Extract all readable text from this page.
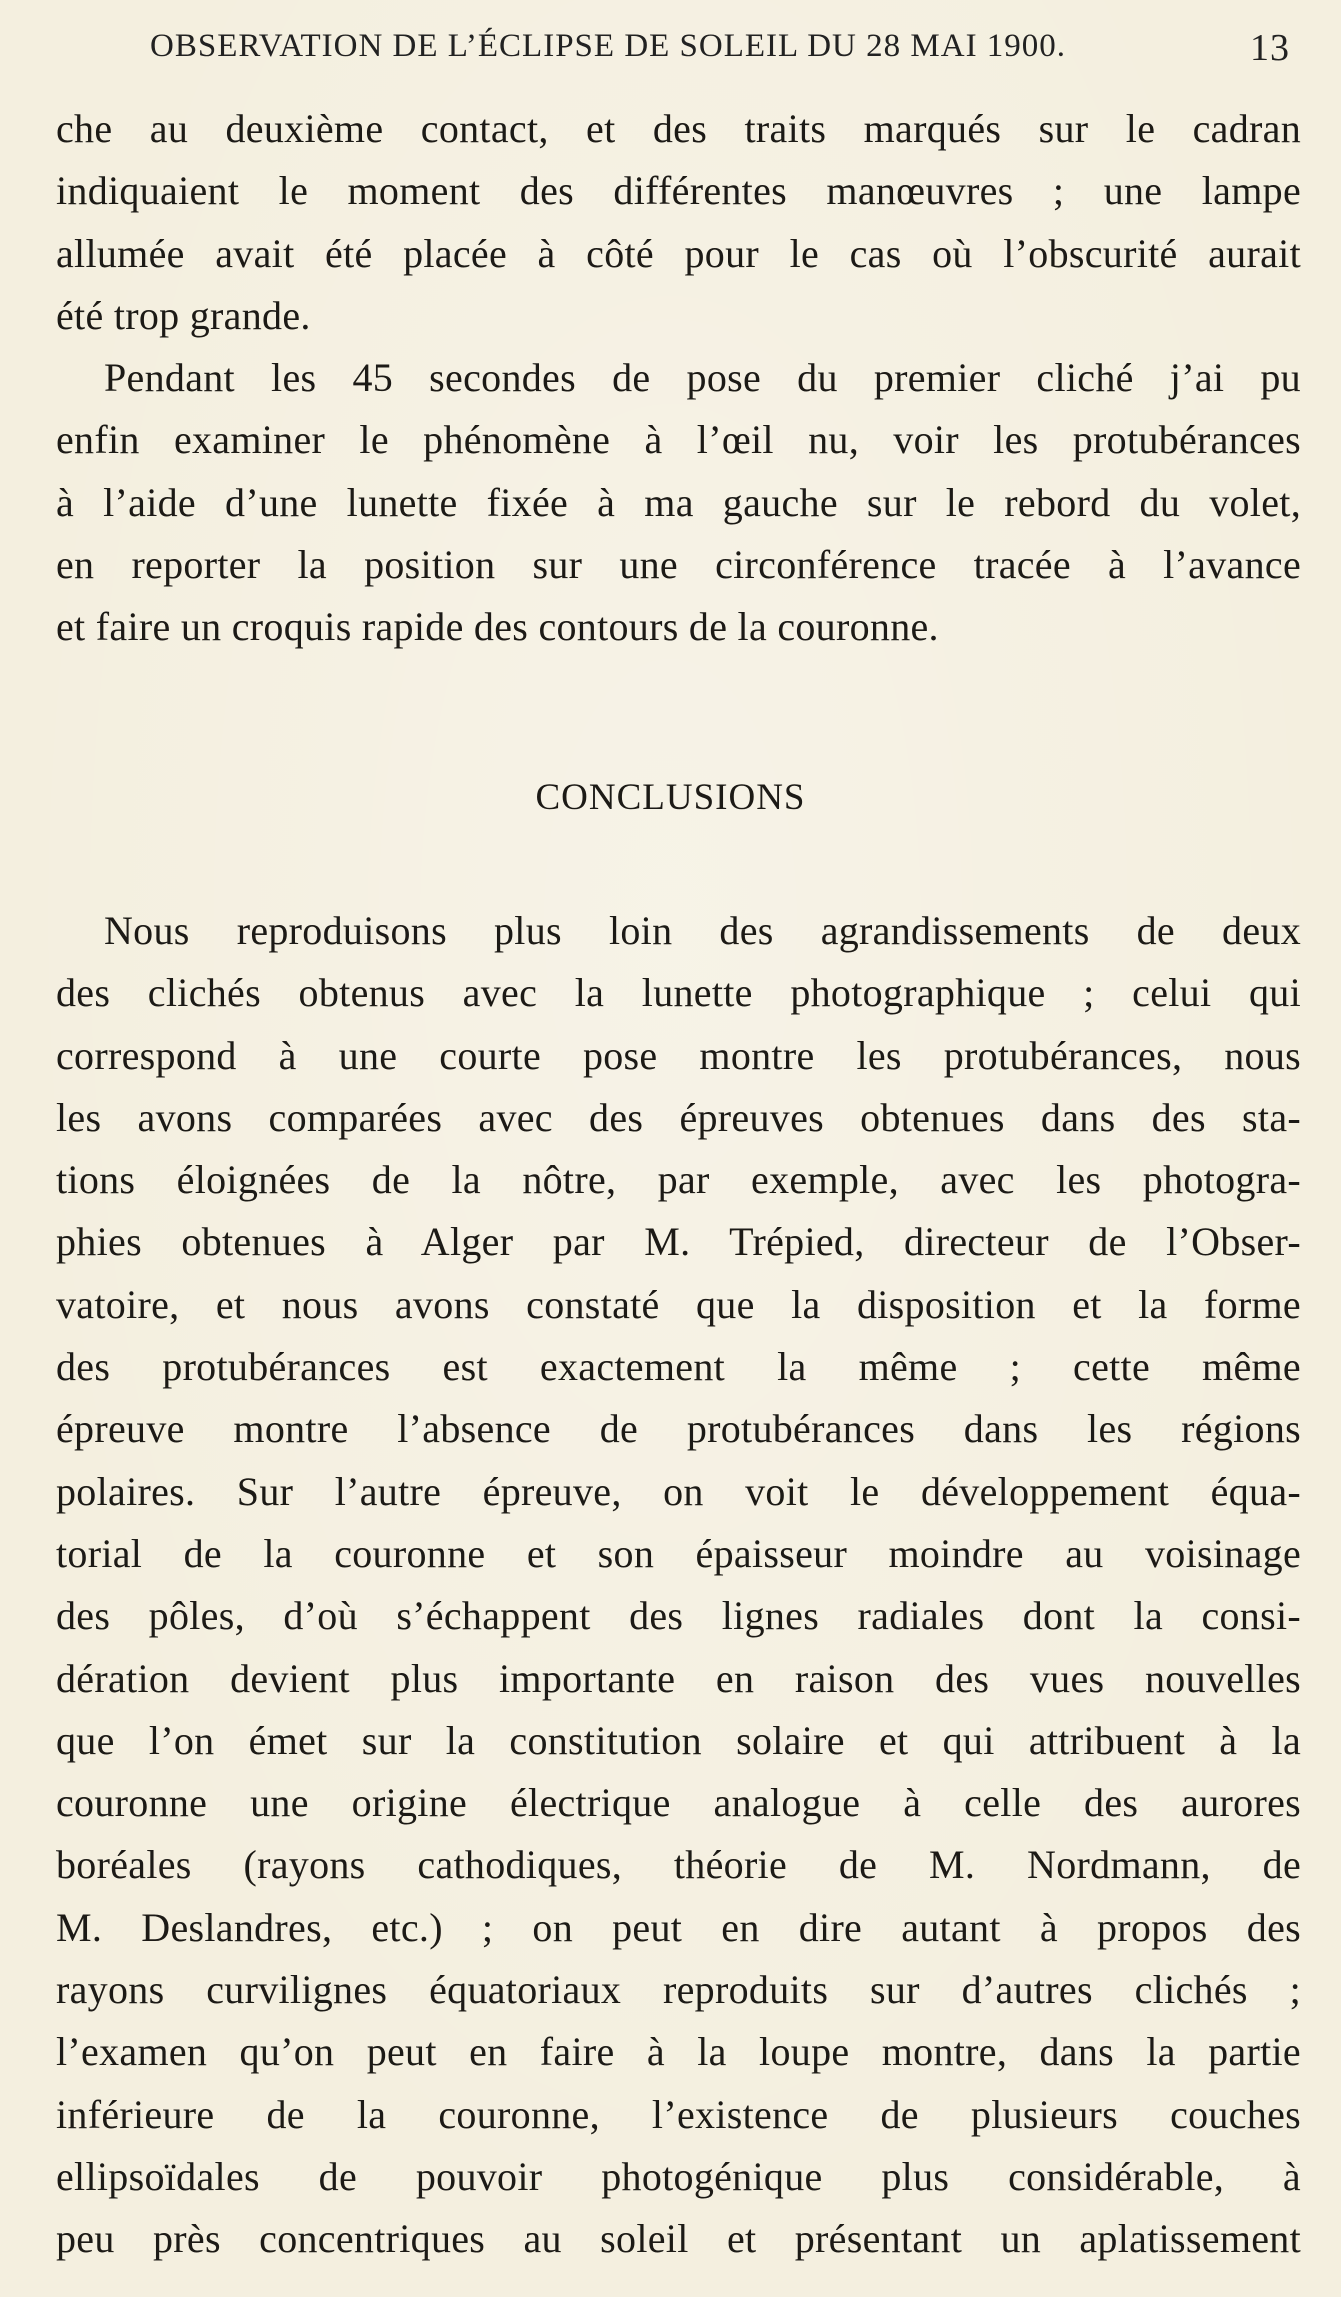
OBSERVATION DE L’ÉCLIPSE DE SOLEIL DU 28 MAI 1900.	13
che au deuxième contact, et des traits marqués sur le cadran
indiquaient le moment des différentes manœuvres ; une lampe
allumée avait été placée à côté pour le cas où l’obscurité aurait
été trop grande.
Pendant les 45 secondes de pose du premier cliché j’ai pu
enfin examiner le phénomène à l’œil nu, voir les protubérances
à l’aide d’une lunette fixée à ma gauche sur le rebord du volet,
en reporter la position sur une circonférence tracée à l’avance
et faire un croquis rapide des contours de la couronne.
CONCLUSIONS
Nous reproduisons plus loin des agrandissements de deux
des clichés obtenus avec la lunette photographique ; celui qui
correspond à une courte pose montre les protubérances, nous
les avons comparées avec des épreuves obtenues dans des sta-
tions éloignées de la nôtre, par exemple, avec les photogra-
phies obtenues à Alger par M. Trépied, directeur de l’Obser-
vatoire, et nous avons constaté que la disposition et la forme
des protubérances est exactement la même ; cette même
épreuve montre l’absence de protubérances dans les régions
polaires. Sur l’autre épreuve, on voit le développement équa-
torial de la couronne et son épaisseur moindre au voisinage
des pôles, d’où s’échappent des lignes radiales dont la consi-
dération devient plus importante en raison des vues nouvelles
que l’on émet sur la constitution solaire et qui attribuent à la
couronne une origine électrique analogue à celle des aurores
boréales (rayons cathodiques, théorie de M. Nordmann, de
M. Deslandres, etc.) ; on peut en dire autant à propos des
rayons curvilignes équatoriaux reproduits sur d’autres clichés ;
l’examen qu’on peut en faire à la loupe montre, dans la partie
inférieure de la couronne, l’existence de plusieurs couches
ellipsoïdales de pouvoir photogénique plus considérable, à
peu près concentriques au soleil et présentant un aplatissement
